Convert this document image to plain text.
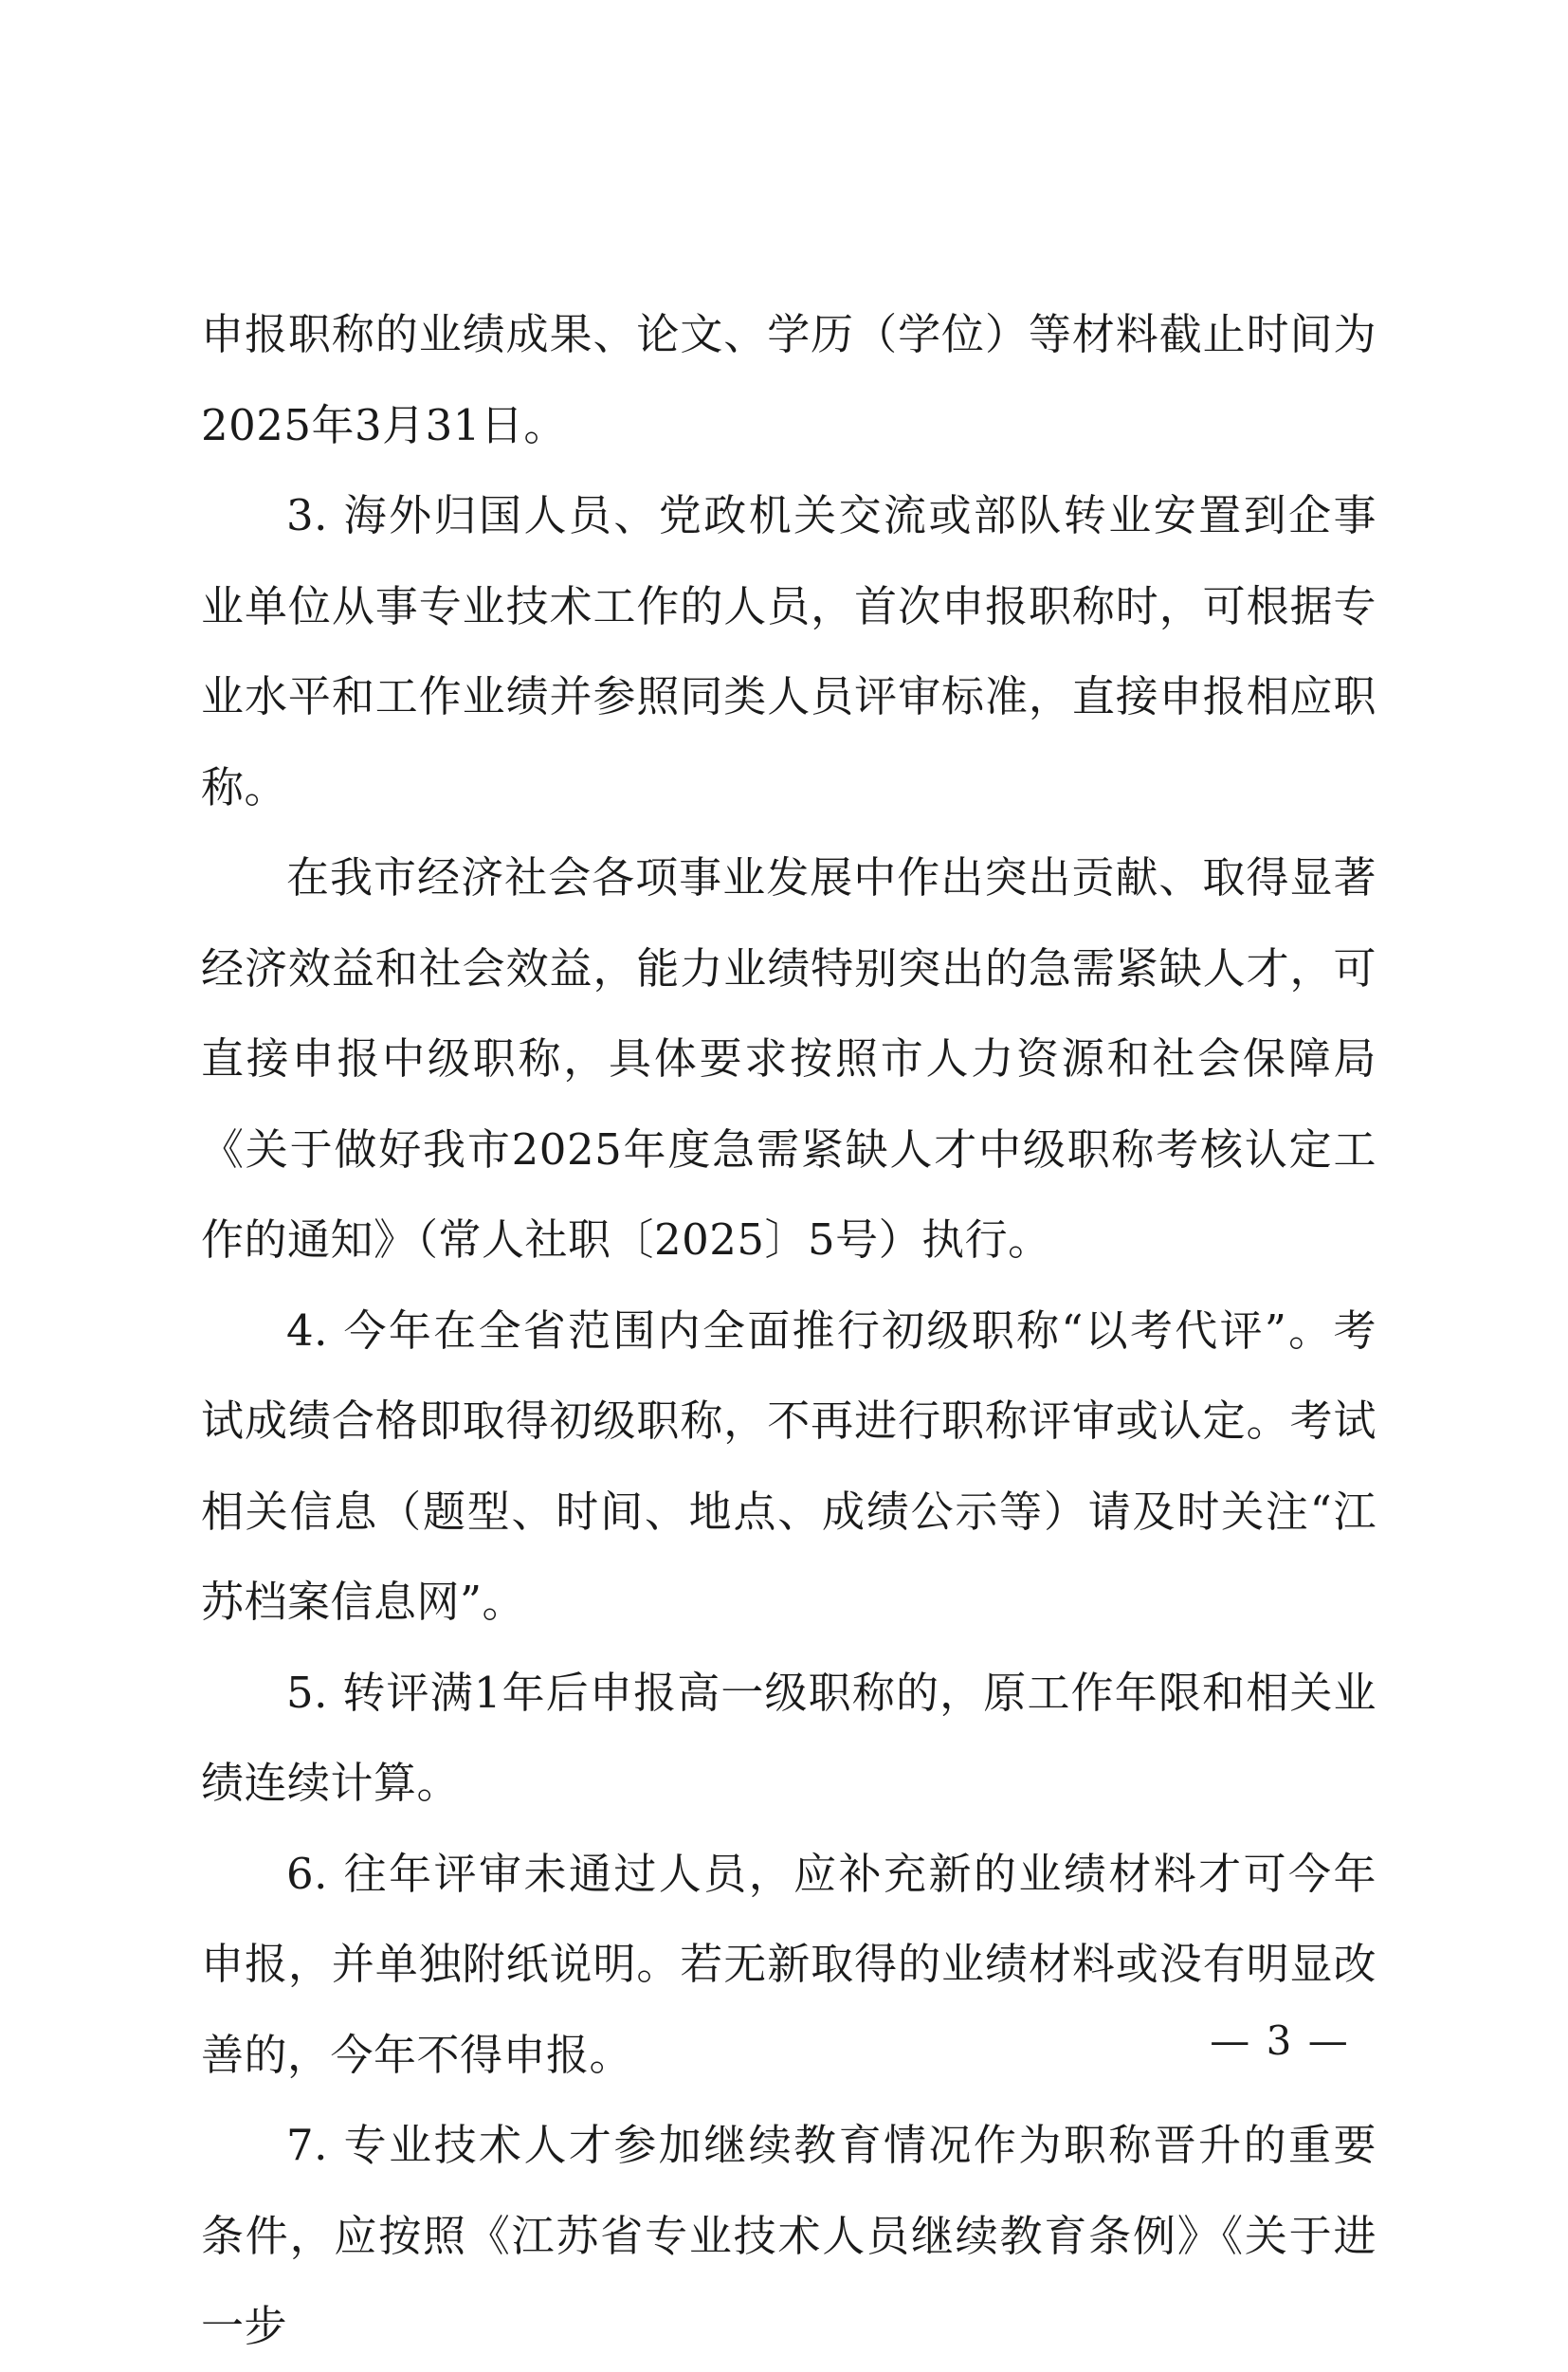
申报职称的业绩成果、论文、学历（学位）等材料截止时间为2025年3月31日。

3. 海外归国人员、党政机关交流或部队转业安置到企事业单位从事专业技术工作的人员，首次申报职称时，可根据专业水平和工作业绩并参照同类人员评审标准，直接申报相应职称。

在我市经济社会各项事业发展中作出突出贡献、取得显著经济效益和社会效益，能力业绩特别突出的急需紧缺人才，可直接申报中级职称，具体要求按照市人力资源和社会保障局《关于做好我市2025年度急需紧缺人才中级职称考核认定工作的通知》（常人社职〔2025〕5号）执行。

4. 今年在全省范围内全面推行初级职称“以考代评”。考试成绩合格即取得初级职称，不再进行职称评审或认定。考试相关信息（题型、时间、地点、成绩公示等）请及时关注“江苏档案信息网”。

5. 转评满1年后申报高一级职称的，原工作年限和相关业绩连续计算。

6. 往年评审未通过人员，应补充新的业绩材料才可今年申报，并单独附纸说明。若无新取得的业绩材料或没有明显改善的，今年不得申报。

7. 专业技术人才参加继续教育情况作为职称晋升的重要条件，应按照《江苏省专业技术人员继续教育条例》《关于进一步

— 3 —
